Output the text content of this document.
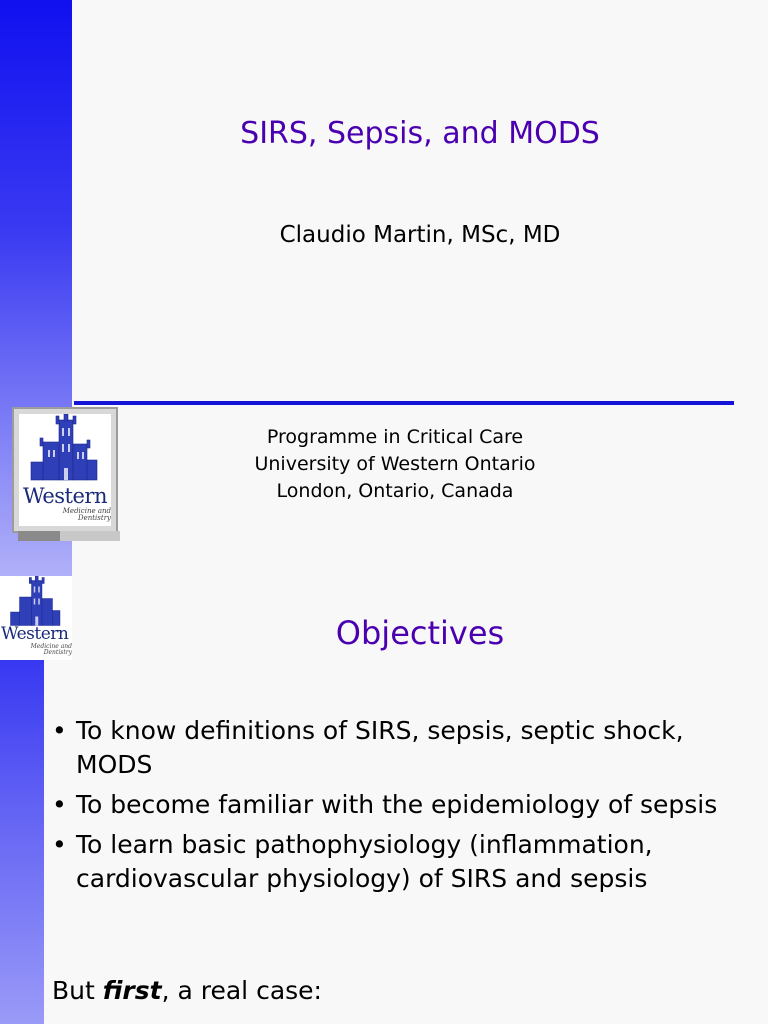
SIRS, Sepsis, and MODS
Claudio Martin, MSc, MD
Western
Medicine and
Dentistry
Programme in Critical Care
University of Western Ontario
London, Ontario, Canada
Western
Medicine and
Dentistry
Objectives
• To know definitions of SIRS, sepsis, septic shock, MODS
• To become familiar with the epidemiology of sepsis
• To learn basic pathophysiology (inflammation, cardiovascular physiology) of SIRS and sepsis
But first, a real case:
